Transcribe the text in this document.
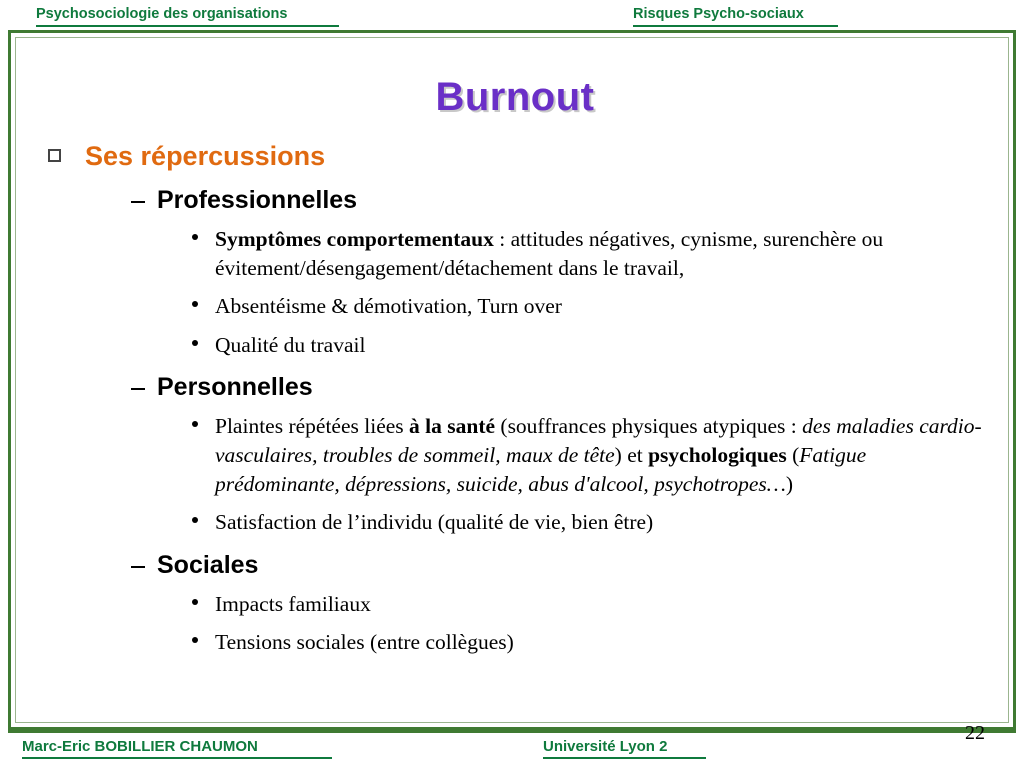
Psychosociologie des organisations	Risques Psycho-sociaux
Burnout
Ses répercussions
Professionnelles
Symptômes comportementaux : attitudes négatives, cynisme, surenchère ou évitement/désengagement/détachement dans le travail,
Absentéisme & démotivation, Turn over
Qualité du travail
Personnelles
Plaintes répétées liées à la santé (souffrances physiques atypiques : des maladies cardio-vasculaires, troubles de sommeil, maux de tête) et psychologiques (Fatigue prédominante, dépressions, suicide, abus d'alcool, psychotropes…)
Satisfaction de l’individu (qualité de vie, bien être)
Sociales
Impacts familiaux
Tensions sociales (entre collègues)
Marc-Eric BOBILLIER CHAUMON	Université Lyon 2
22
